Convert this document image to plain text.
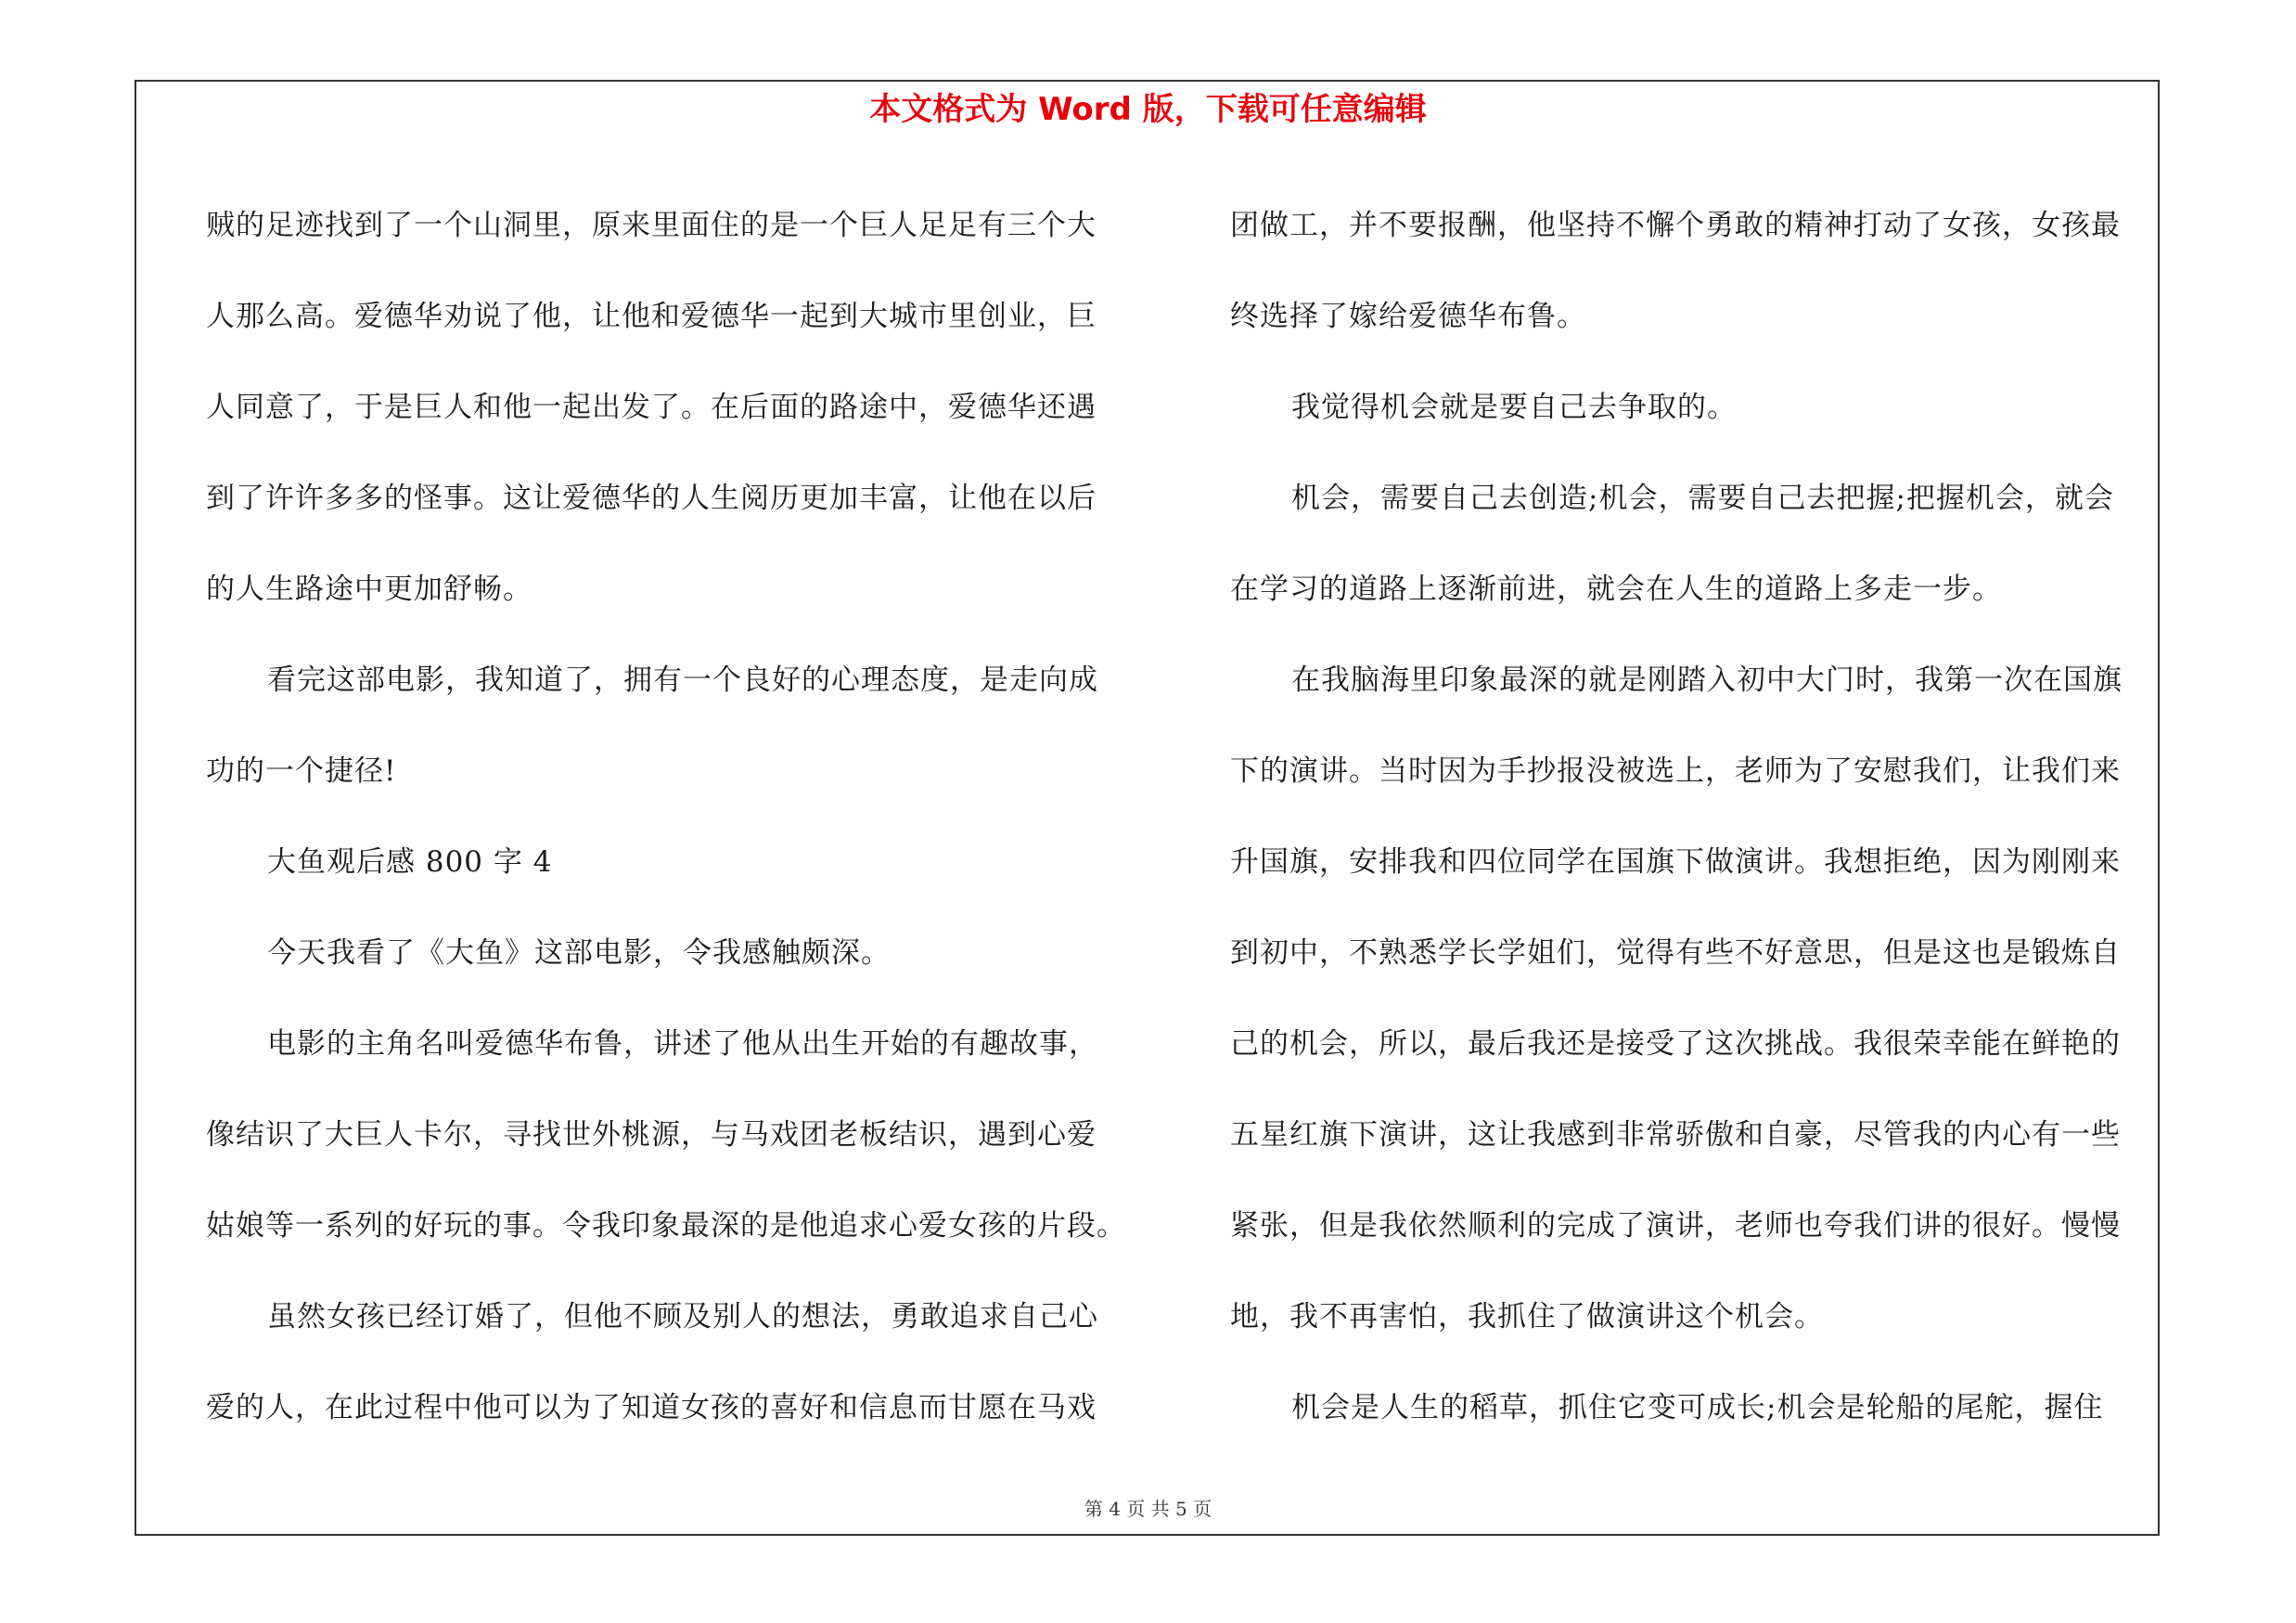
本文格式为 Word 版，下载可任意编辑
贼的足迹找到了一个山洞里，原来里面住的是一个巨人足足有三个大
人那么高。爱德华劝说了他，让他和爱德华一起到大城市里创业，巨
人同意了，于是巨人和他一起出发了。在后面的路途中，爱德华还遇
到了许许多多的怪事。这让爱德华的人生阅历更加丰富，让他在以后
的人生路途中更加舒畅。
看完这部电影，我知道了，拥有一个良好的心理态度，是走向成
功的一个捷径!
大鱼观后感 800 字 4
今天我看了《大鱼》这部电影，令我感触颇深。
电影的主角名叫爱德华布鲁，讲述了他从出生开始的有趣故事，
像结识了大巨人卡尔，寻找世外桃源，与马戏团老板结识，遇到心爱
姑娘等一系列的好玩的事。令我印象最深的是他追求心爱女孩的片段。
虽然女孩已经订婚了，但他不顾及别人的想法，勇敢追求自己心
爱的人，在此过程中他可以为了知道女孩的喜好和信息而甘愿在马戏
团做工，并不要报酬，他坚持不懈个勇敢的精神打动了女孩，女孩最
终选择了嫁给爱德华布鲁。
我觉得机会就是要自己去争取的。
机会，需要自己去创造;机会，需要自己去把握;把握机会，就会
在学习的道路上逐渐前进，就会在人生的道路上多走一步。
在我脑海里印象最深的就是刚踏入初中大门时，我第一次在国旗
下的演讲。当时因为手抄报没被选上，老师为了安慰我们，让我们来
升国旗，安排我和四位同学在国旗下做演讲。我想拒绝，因为刚刚来
到初中，不熟悉学长学姐们，觉得有些不好意思，但是这也是锻炼自
己的机会，所以，最后我还是接受了这次挑战。我很荣幸能在鲜艳的
五星红旗下演讲，这让我感到非常骄傲和自豪，尽管我的内心有一些
紧张，但是我依然顺利的完成了演讲，老师也夸我们讲的很好。慢慢
地，我不再害怕，我抓住了做演讲这个机会。
机会是人生的稻草，抓住它变可成长;机会是轮船的尾舵，握住
第 4 页 共 5 页
